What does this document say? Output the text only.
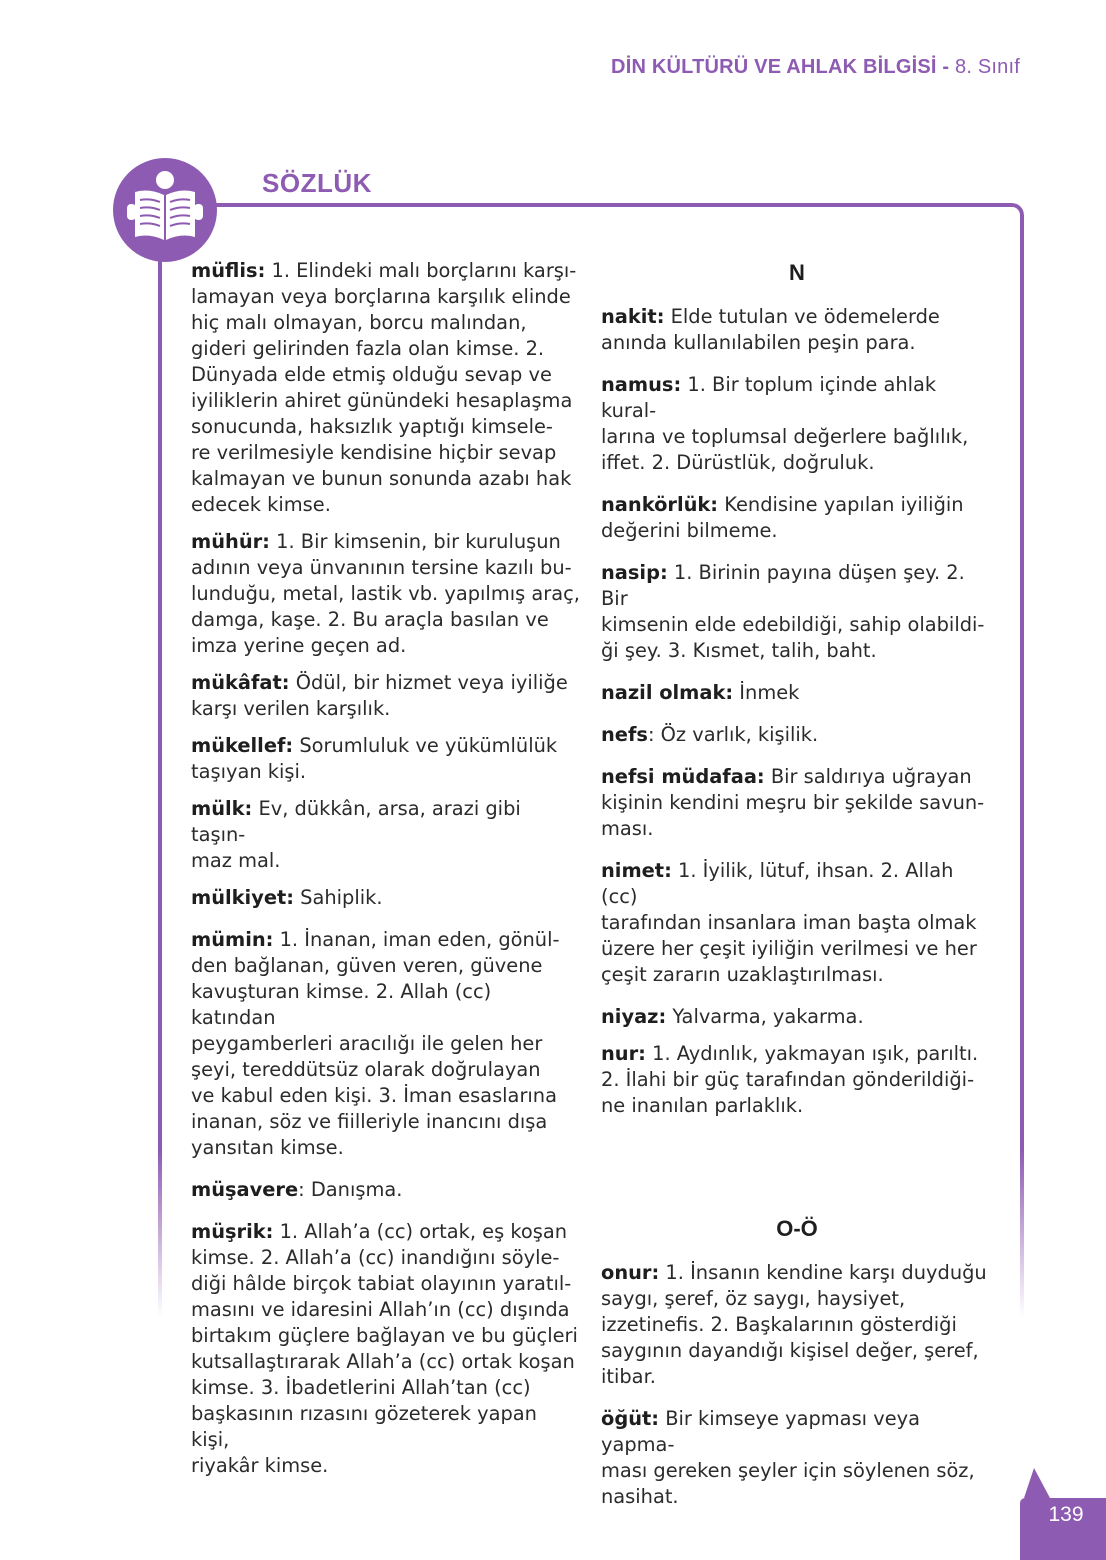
DİN KÜLTÜRÜ VE AHLAK BİLGİSİ - 8. Sınıf
SÖZLÜK

müflis: 1. Elindeki malı borçlarını karşı-
lamayan veya borçlarına karşılık elinde
hiç malı olmayan, borcu malından,
gideri gelirinden fazla olan kimse. 2.
Dünyada elde etmiş olduğu sevap ve
iyiliklerin ahiret günündeki hesaplaşma
sonucunda, haksızlık yaptığı kimsele-
re verilmesiyle kendisine hiçbir sevap
kalmayan ve bunun sonunda azabı hak
edecek kimse.

mühür: 1. Bir kimsenin, bir kuruluşun
adının veya ünvanının tersine kazılı bu-
lunduğu, metal, lastik vb. yapılmış araç,
damga, kaşe. 2. Bu araçla basılan ve
imza yerine geçen ad.

mükâfat: Ödül, bir hizmet veya iyiliğe
karşı verilen karşılık.

mükellef: Sorumluluk ve yükümlülük
taşıyan kişi.

mülk: Ev, dükkân, arsa, arazi gibi taşın-
maz mal.

mülkiyet: Sahiplik.

mümin: 1. İnanan, iman eden, gönül-
den bağlanan, güven veren, güvene
kavuşturan kimse. 2. Allah (cc) katından
peygamberleri aracılığı ile gelen her
şeyi, tereddütsüz olarak doğrulayan
ve kabul eden kişi. 3. İman esaslarına
inanan, söz ve fiilleriyle inancını dışa
yansıtan kimse.

müşavere: Danışma.

müşrik: 1. Allah’a (cc) ortak, eş koşan
kimse. 2. Allah’a (cc) inandığını söyle-
diği hâlde birçok tabiat olayının yaratıl-
masını ve idaresini Allah’ın (cc) dışında
birtakım güçlere bağlayan ve bu güçleri
kutsallaştırarak Allah’a (cc) ortak koşan
kimse. 3. İbadetlerini Allah’tan (cc)
başkasının rızasını gözeterek yapan kişi,
riyakâr kimse.

N

nakit: Elde tutulan ve ödemelerde
anında kullanılabilen peşin para.

namus: 1. Bir toplum içinde ahlak kural-
larına ve toplumsal değerlere bağlılık,
iffet. 2. Dürüstlük, doğruluk.

nankörlük: Kendisine yapılan iyiliğin
değerini bilmeme.

nasip: 1. Birinin payına düşen şey. 2. Bir
kimsenin elde edebildiği, sahip olabildi-
ği şey. 3. Kısmet, talih, baht.

nazil olmak: İnmek

nefs: Öz varlık, kişilik.

nefsi müdafaa: Bir saldırıya uğrayan
kişinin kendini meşru bir şekilde savun-
ması.

nimet: 1. İyilik, lütuf, ihsan. 2. Allah (cc)
tarafından insanlara iman başta olmak
üzere her çeşit iyiliğin verilmesi ve her
çeşit zararın uzaklaştırılması.

niyaz: Yalvarma, yakarma.

nur: 1. Aydınlık, yakmayan ışık, parıltı.
2. İlahi bir güç tarafından gönderildiği-
ne inanılan parlaklık.

O-Ö

onur: 1. İnsanın kendine karşı duyduğu
saygı, şeref, öz saygı, haysiyet,
izzetinefis. 2. Başkalarının gösterdiği
saygının dayandığı kişisel değer, şeref,
itibar.

öğüt: Bir kimseye yapması veya yapma-
ması gereken şeyler için söylenen söz,
nasihat.

139
